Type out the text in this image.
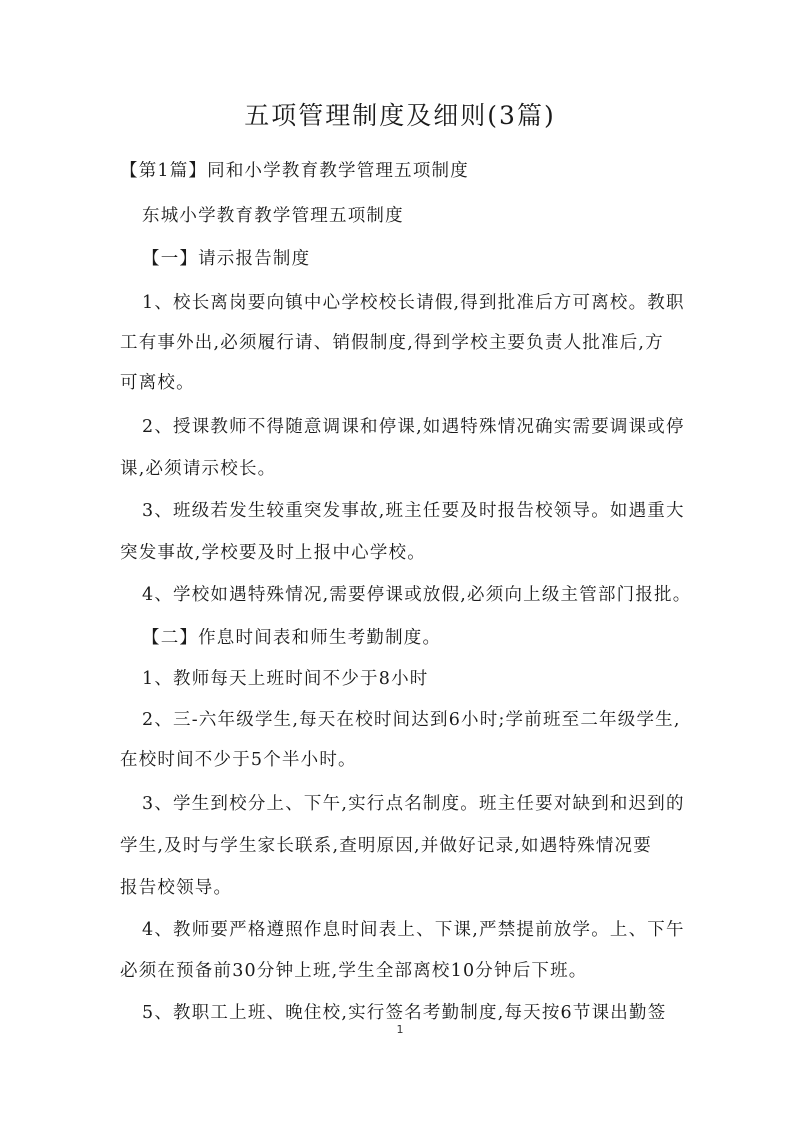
五项管理制度及细则(3篇)

【第1篇】同和小学教育教学管理五项制度

东城小学教育教学管理五项制度

【一】请示报告制度

1、校长离岗要向镇中心学校校长请假,得到批准后方可离校。教职

工有事外出,必须履行请、销假制度,得到学校主要负责人批准后,方

可离校。

2、授课教师不得随意调课和停课,如遇特殊情况确实需要调课或停

课,必须请示校长。

3、班级若发生较重突发事故,班主任要及时报告校领导。如遇重大

突发事故,学校要及时上报中心学校。

4、学校如遇特殊情况,需要停课或放假,必须向上级主管部门报批。

【二】作息时间表和师生考勤制度。

1、教师每天上班时间不少于8小时

2、三-六年级学生,每天在校时间达到6小时;学前班至二年级学生,

在校时间不少于5个半小时。

3、学生到校分上、下午,实行点名制度。班主任要对缺到和迟到的

学生,及时与学生家长联系,查明原因,并做好记录,如遇特殊情况要

报告校领导。

4、教师要严格遵照作息时间表上、下课,严禁提前放学。上、下午

必须在预备前30分钟上班,学生全部离校10分钟后下班。

5、教职工上班、晚住校,实行签名考勤制度,每天按6节课出勤签

1
